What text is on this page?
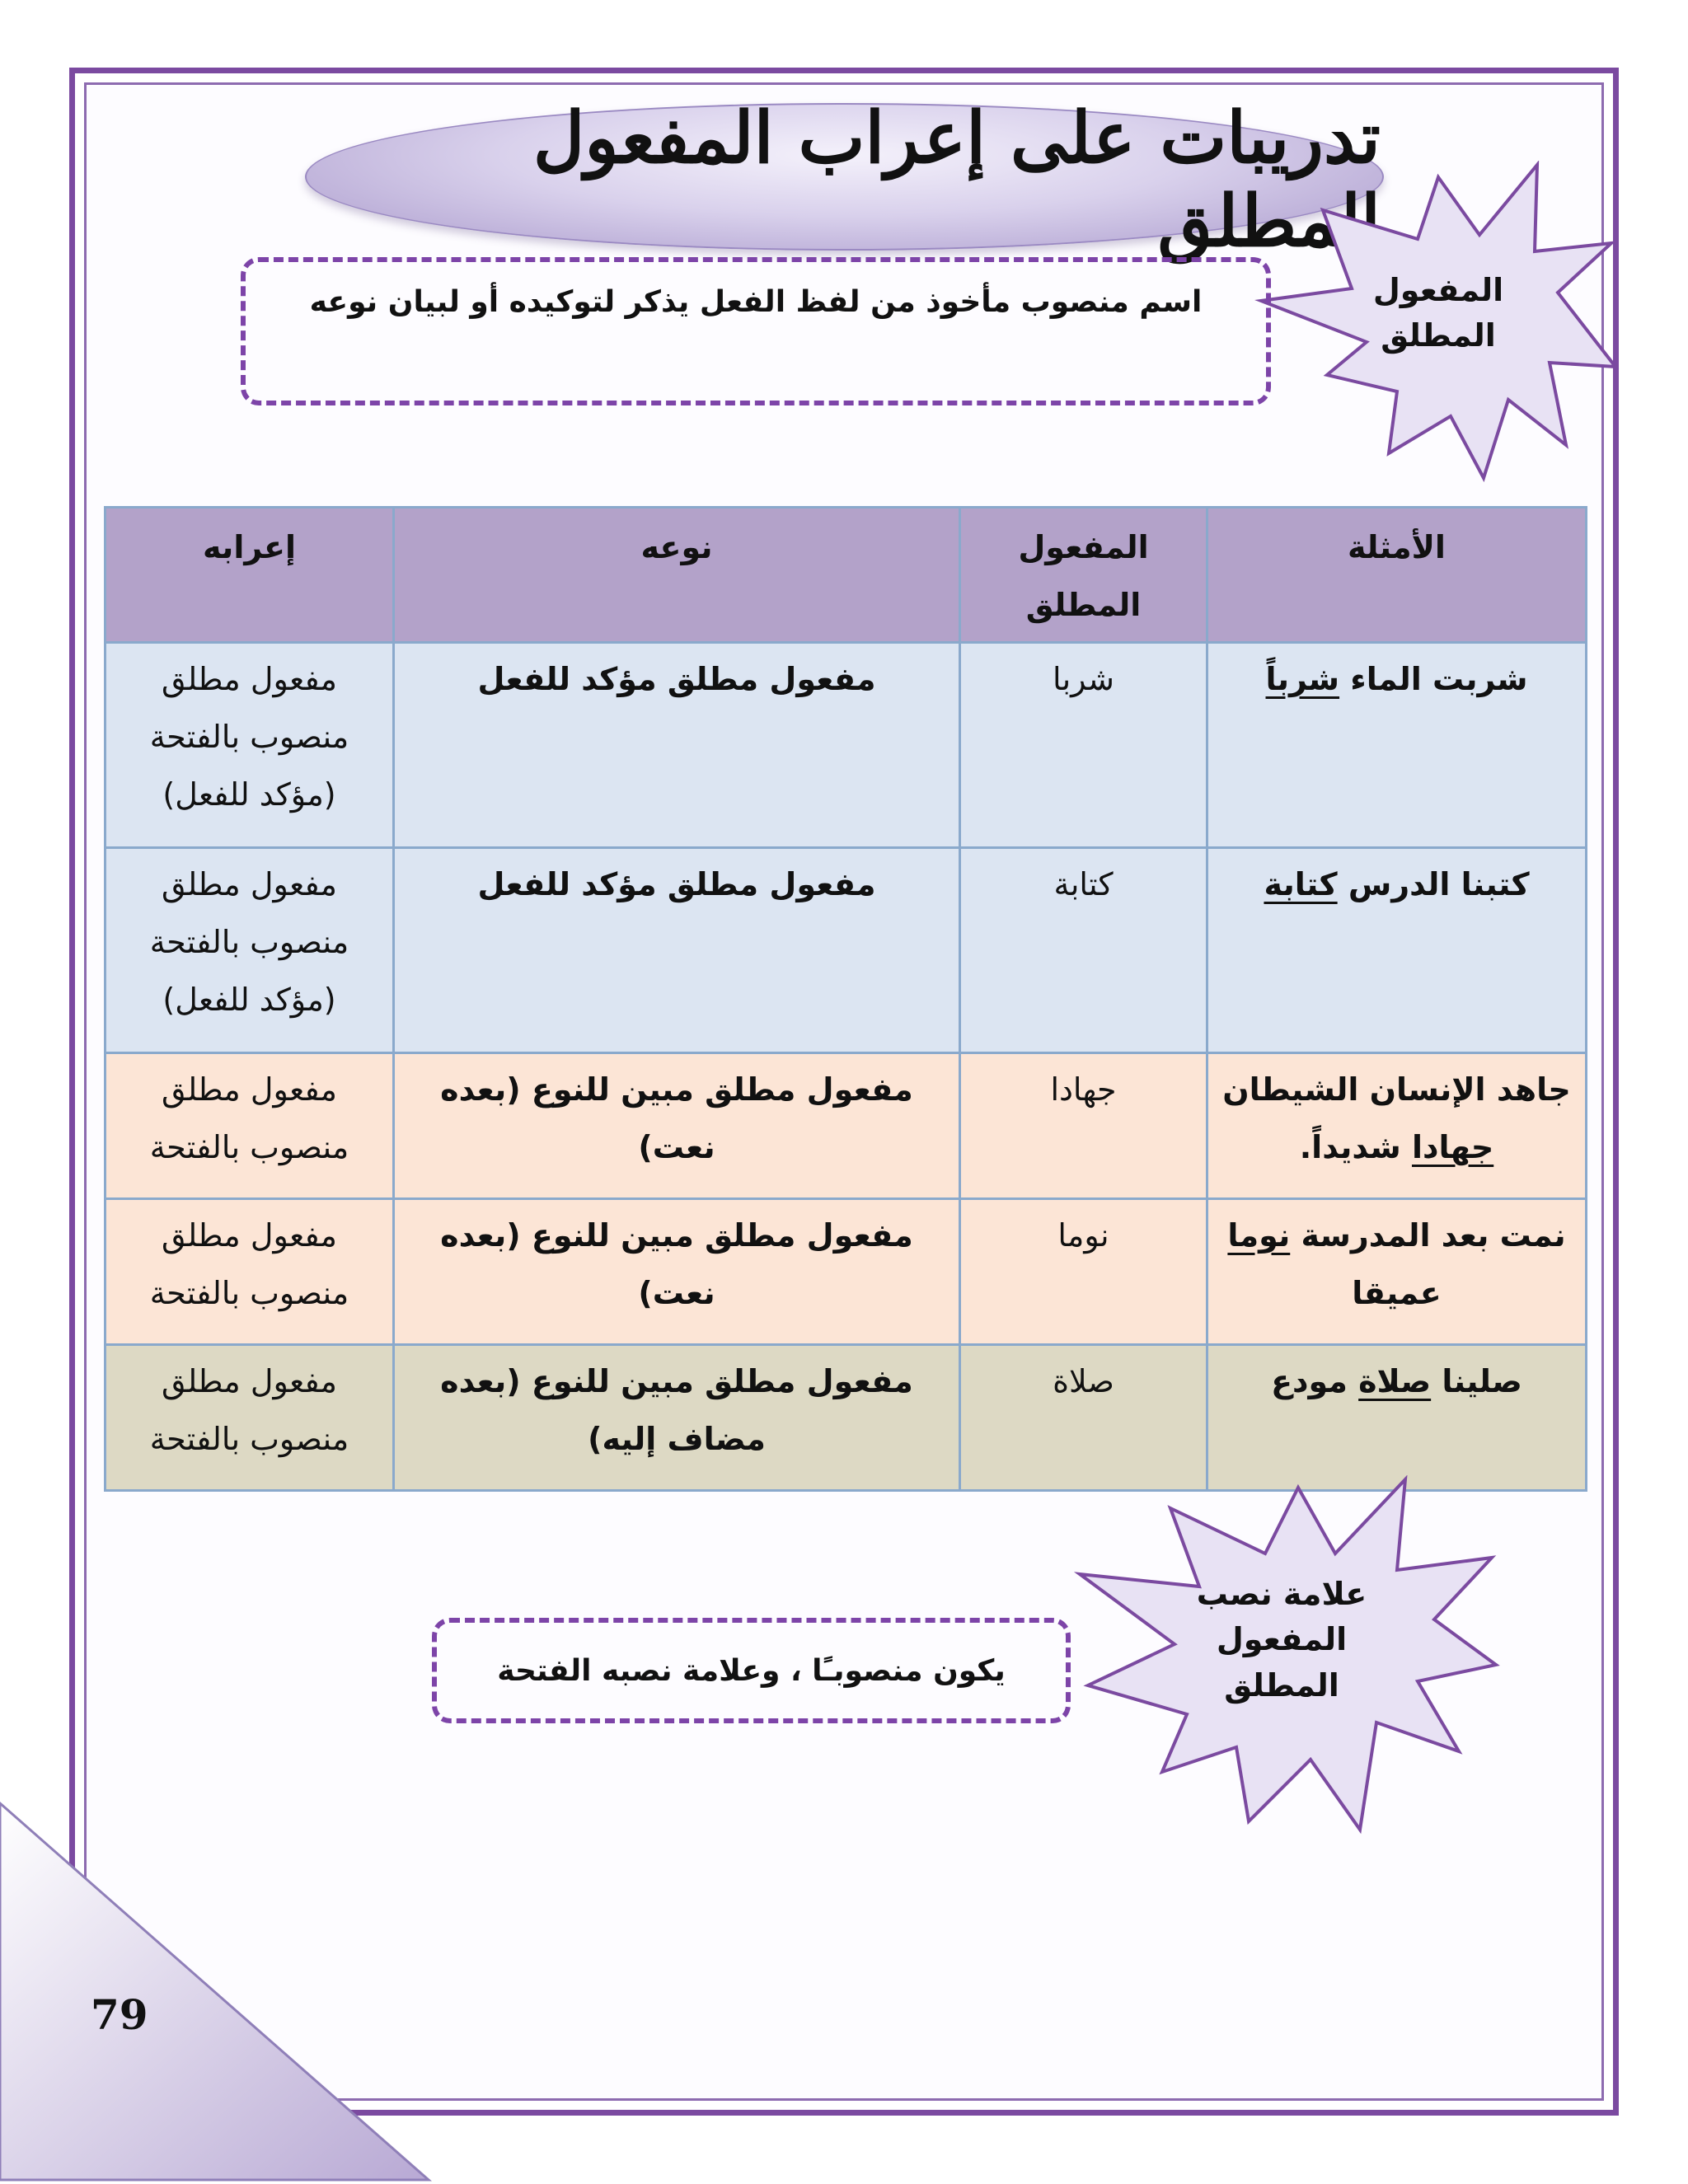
تدريبات على إعراب المفعول المطلق
المفعول المطلق
اسم منصوب مأخوذ من لفظ الفعل يذكر لتوكيده أو لبيان نوعه
الأمثلة	المفعول المطلق	نوعه	إعرابه
شربت الماء شرباً	شربا	مفعول مطلق مؤكد للفعل	مفعول مطلق منصوب بالفتحة (مؤكد للفعل)
كتبنا الدرس كتابة	كتابة	مفعول مطلق مؤكد للفعل	مفعول مطلق منصوب بالفتحة (مؤكد للفعل)
جاهد الإنسان الشيطان جهادا شديداً.	جهادا	مفعول مطلق مبين للنوع (بعده نعت)	مفعول مطلق منصوب بالفتحة
نمت بعد المدرسة نوما عميقا	نوما	مفعول مطلق مبين للنوع (بعده نعت)	مفعول مطلق منصوب بالفتحة
صلينا صلاة مودع	صلاة	مفعول مطلق مبين للنوع (بعده مضاف إليه)	مفعول مطلق منصوب بالفتحة
علامة نصب المفعول المطلق
يكون منصوبـًا ، وعلامة نصبه الفتحة
79
